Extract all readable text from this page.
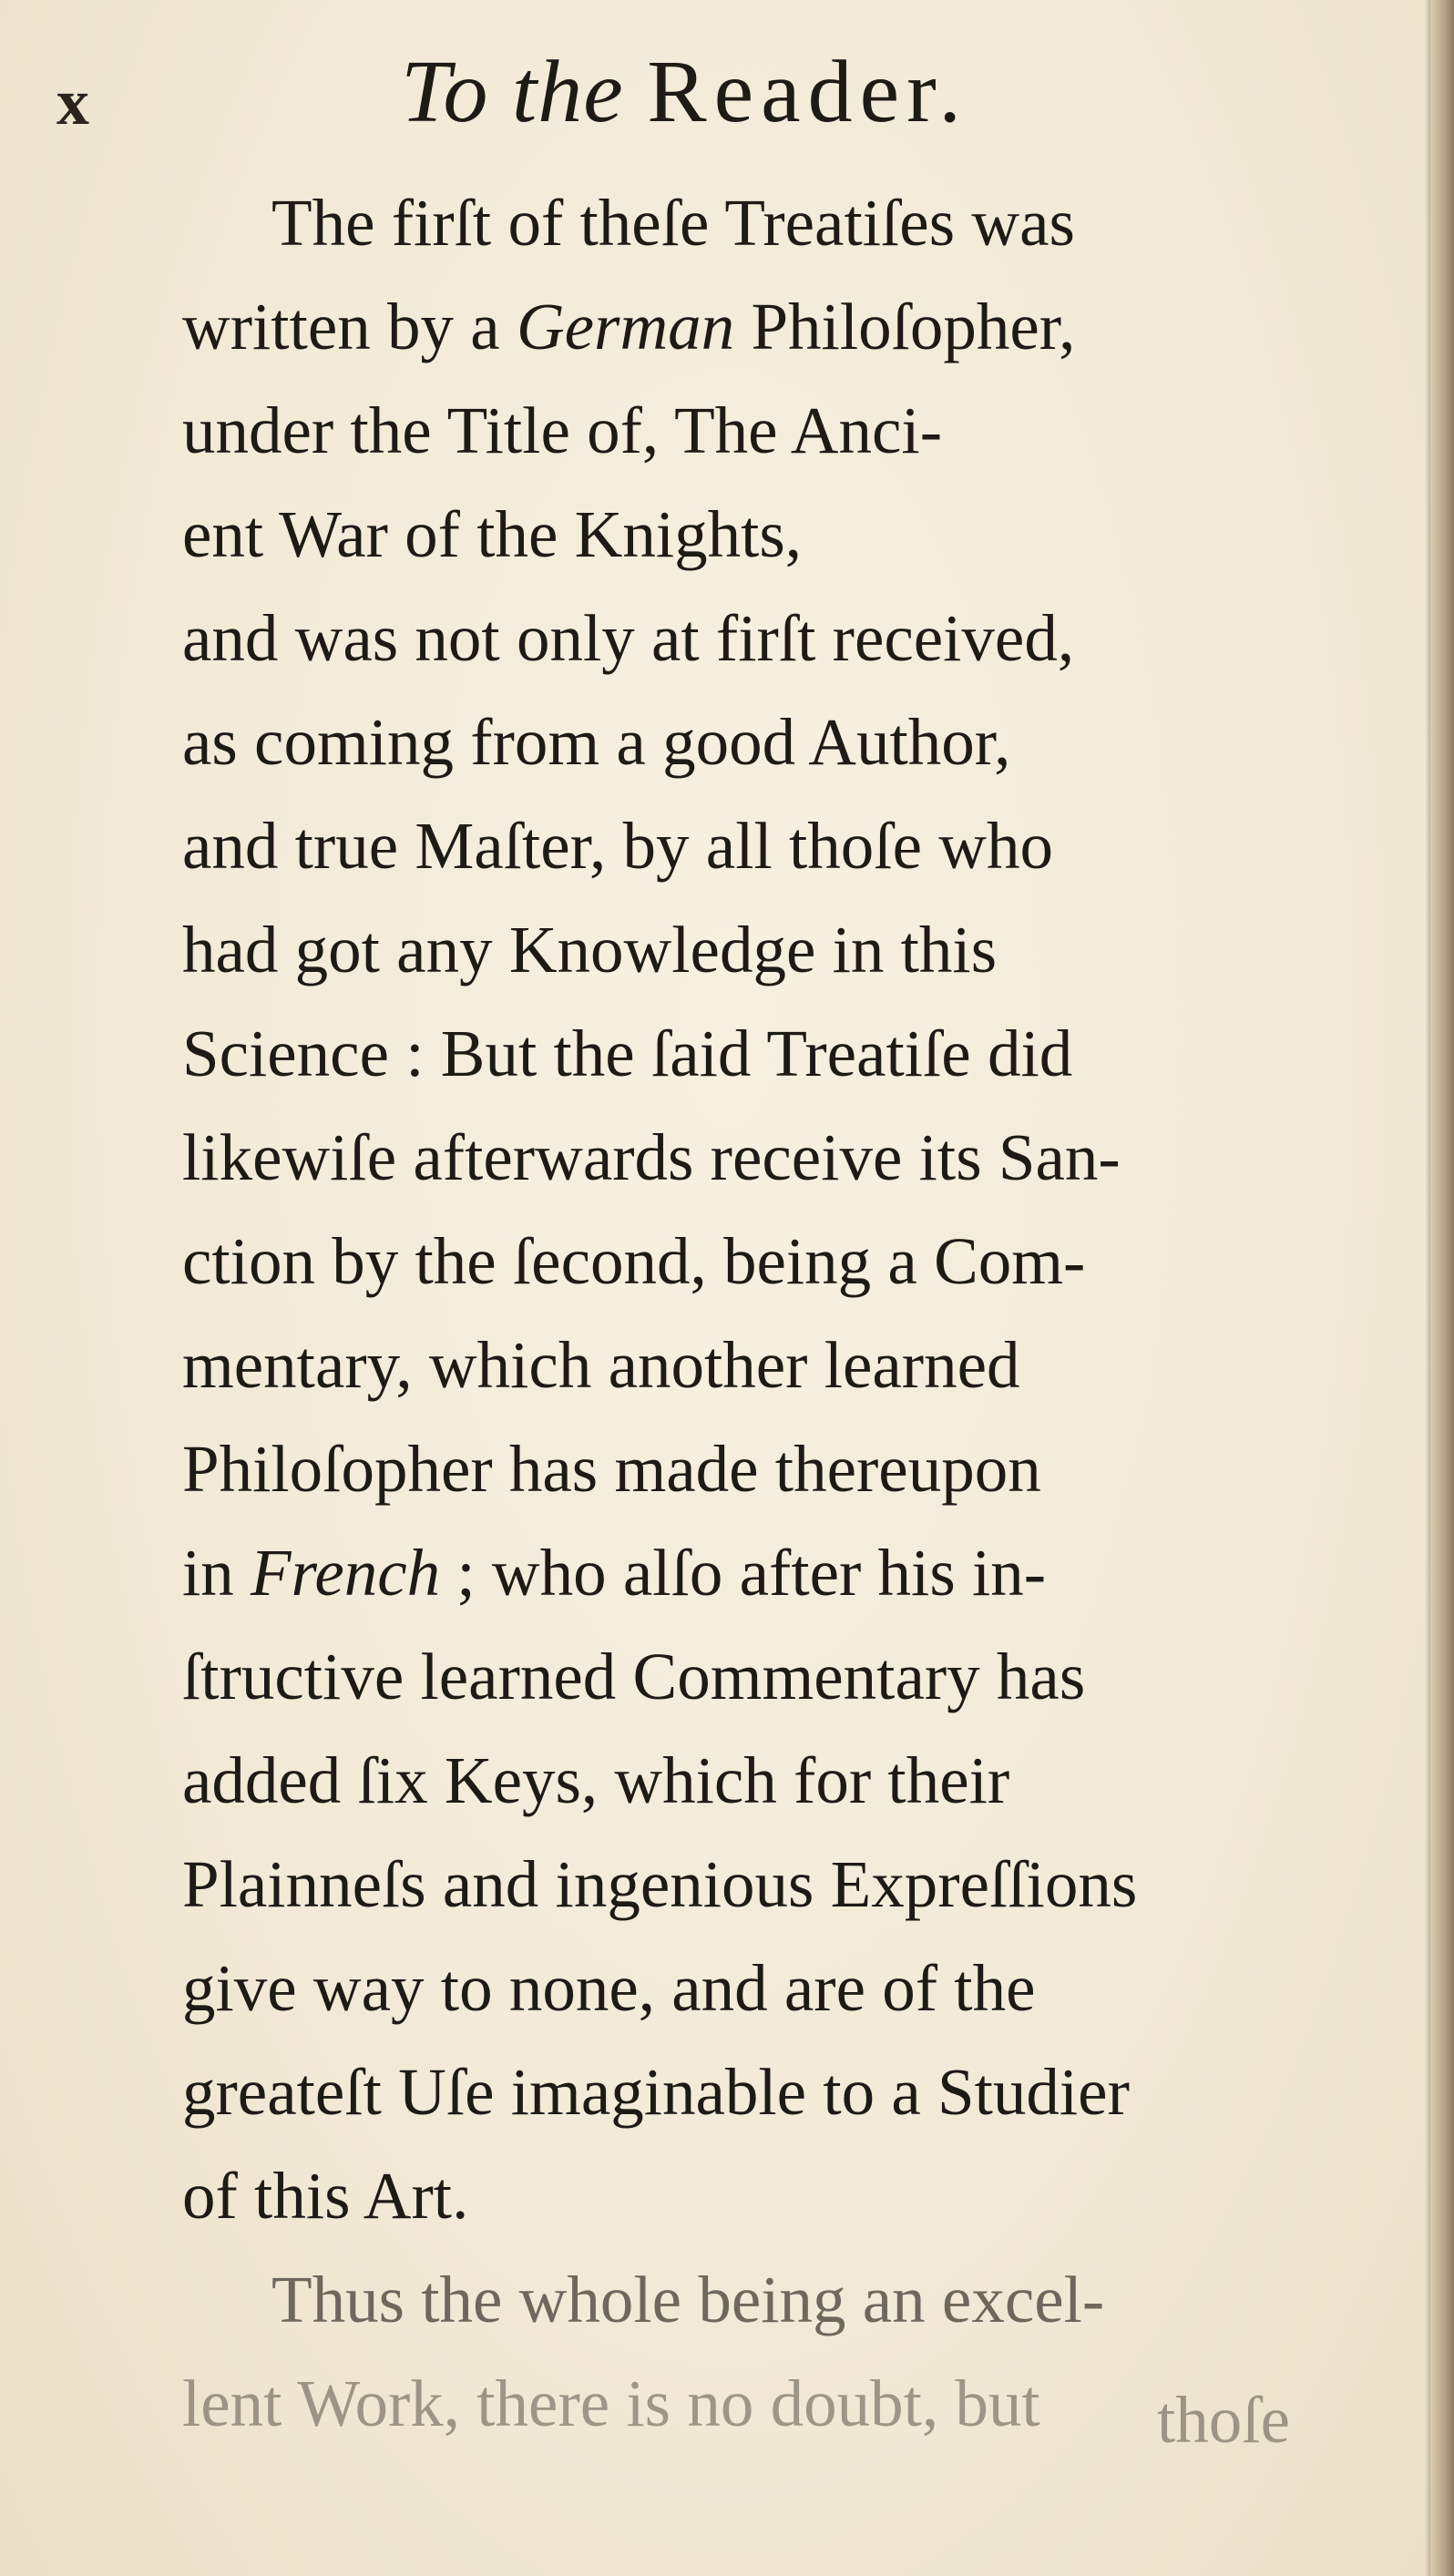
x	To the Reader.
The firſt of theſe Treatiſes was
written by a German Philoſopher,
under the Title of, The Anci-
ent War of the Knights,
and was not only at firſt received,
as coming from a good Author,
and true Maſter, by all thoſe who
had got any Knowledge in this
Science : But the ſaid Treatiſe did
likewiſe afterwards receive its San-
ction by the ſecond, being a Com-
mentary, which another learned
Philoſopher has made thereupon
in French ; who alſo after his in-
ſtructive learned Commentary has
added ſix Keys, which for their
Plainneſs and ingenious Expreſſions
give way to none, and are of the
greateſt Uſe imaginable to a Studier
of this Art.
Thus the whole being an excel-
lent Work, there is no doubt, but	thoſe
